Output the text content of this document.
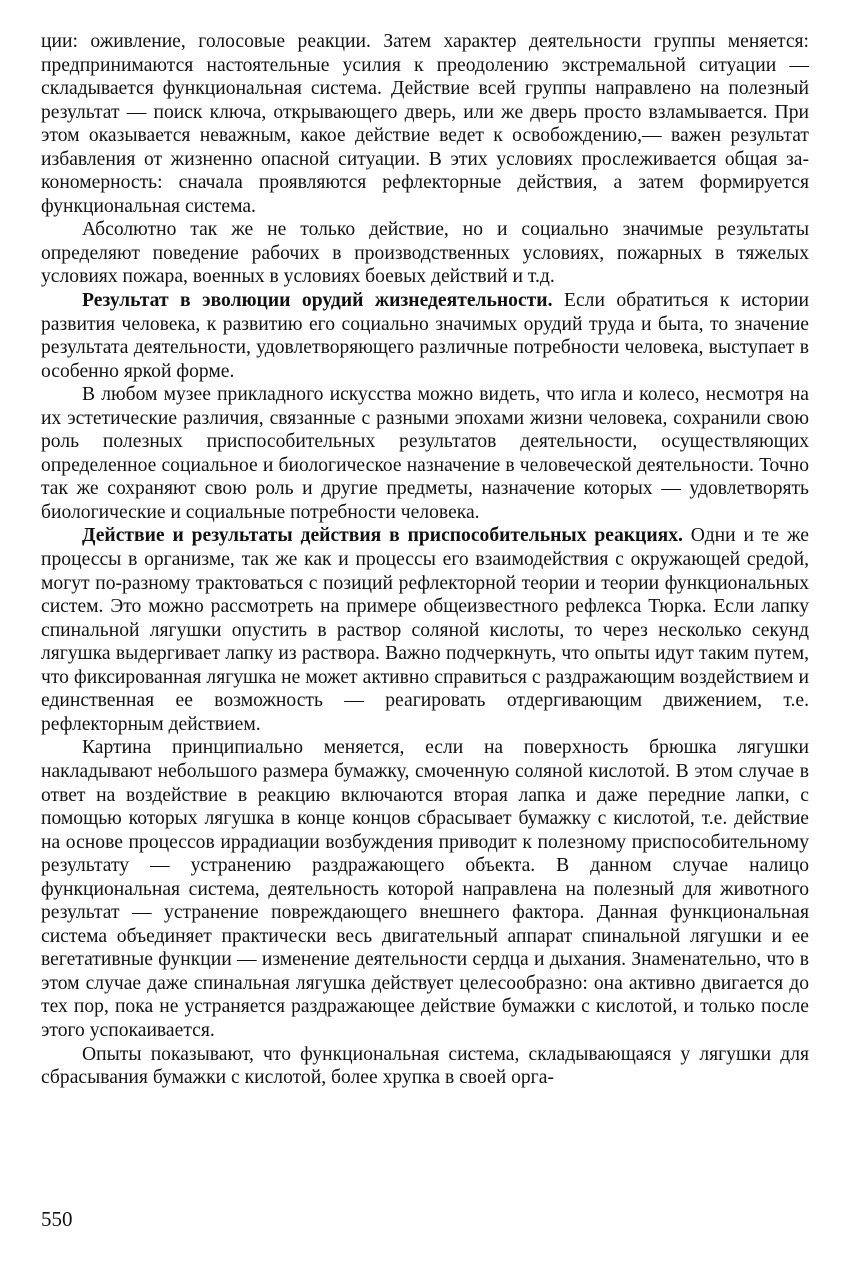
ции: оживление, голосовые реакции. Затем характер деятельности группы меняется: предпринимаются настоятельные усилия к преодолению экстремальной ситуации — складывается функциональная система. Действие всей группы направлено на полезный результат — поиск ключа, открывающего дверь, или же дверь просто взламывается. При этом оказывается неважным, какое действие ведет к освобождению,— важен результат избавления от жизненно опасной ситуации. В этих условиях прослеживается общая закономерность: сначала проявляются рефлекторные действия, а затем формируется функциональная система.

Абсолютно так же не только действие, но и социально значимые результаты определяют поведение рабочих в производственных условиях, пожарных в тяжелых условиях пожара, военных в условиях боевых действий и т.д.

Результат в эволюции орудий жизнедеятельности. Если обратиться к истории развития человека, к развитию его социально значимых орудий труда и быта, то значение результата деятельности, удовлетворяющего различные потребности человека, выступает в особенно яркой форме.

В любом музее прикладного искусства можно видеть, что игла и колесо, несмотря на их эстетические различия, связанные с разными эпохами жизни человека, сохранили свою роль полезных приспособительных результатов деятельности, осуществляющих определенное социальное и биологическое назначение в человеческой деятельности. Точно так же сохраняют свою роль и другие предметы, назначение которых — удовлетворять биологические и социальные потребности человека.

Действие и результаты действия в приспособительных реакциях. Одни и те же процессы в организме, так же как и процессы его взаимодействия с окружающей средой, могут по-разному трактоваться с позиций рефлекторной теории и теории функциональных систем. Это можно рассмотреть на примере общеизвестного рефлекса Тюрка. Если лапку спинальной лягушки опустить в раствор соляной кислоты, то через несколько секунд лягушка выдергивает лапку из раствора. Важно подчеркнуть, что опыты идут таким путем, что фиксированная лягушка не может активно справиться с раздражающим воздействием и единственная ее возможность — реагировать отдергивающим движением, т.е. рефлекторным действием.

Картина принципиально меняется, если на поверхность брюшка лягушки накладывают небольшого размера бумажку, смоченную соляной кислотой. В этом случае в ответ на воздействие в реакцию включаются вторая лапка и даже передние лапки, с помощью которых лягушка в конце концов сбрасывает бумажку с кислотой, т.е. действие на основе процессов иррадиации возбуждения приводит к полезному приспособительному результату — устранению раздражающего объекта. В данном случае налицо функциональная система, деятельность которой направлена на полезный для животного результат — устранение повреждающего внешнего фактора. Данная функциональная система объединяет практически весь двигательный аппарат спинальной лягушки и ее вегетативные функции — изменение деятельности сердца и дыхания. Знаменательно, что в этом случае даже спинальная лягушка действует целесообразно: она активно двигается до тех пор, пока не устраняется раздражающее действие бумажки с кислотой, и только после этого успокаивается.

Опыты показывают, что функциональная система, складывающаяся у лягушки для сбрасывания бумажки с кислотой, более хрупка в своей орга-

550
